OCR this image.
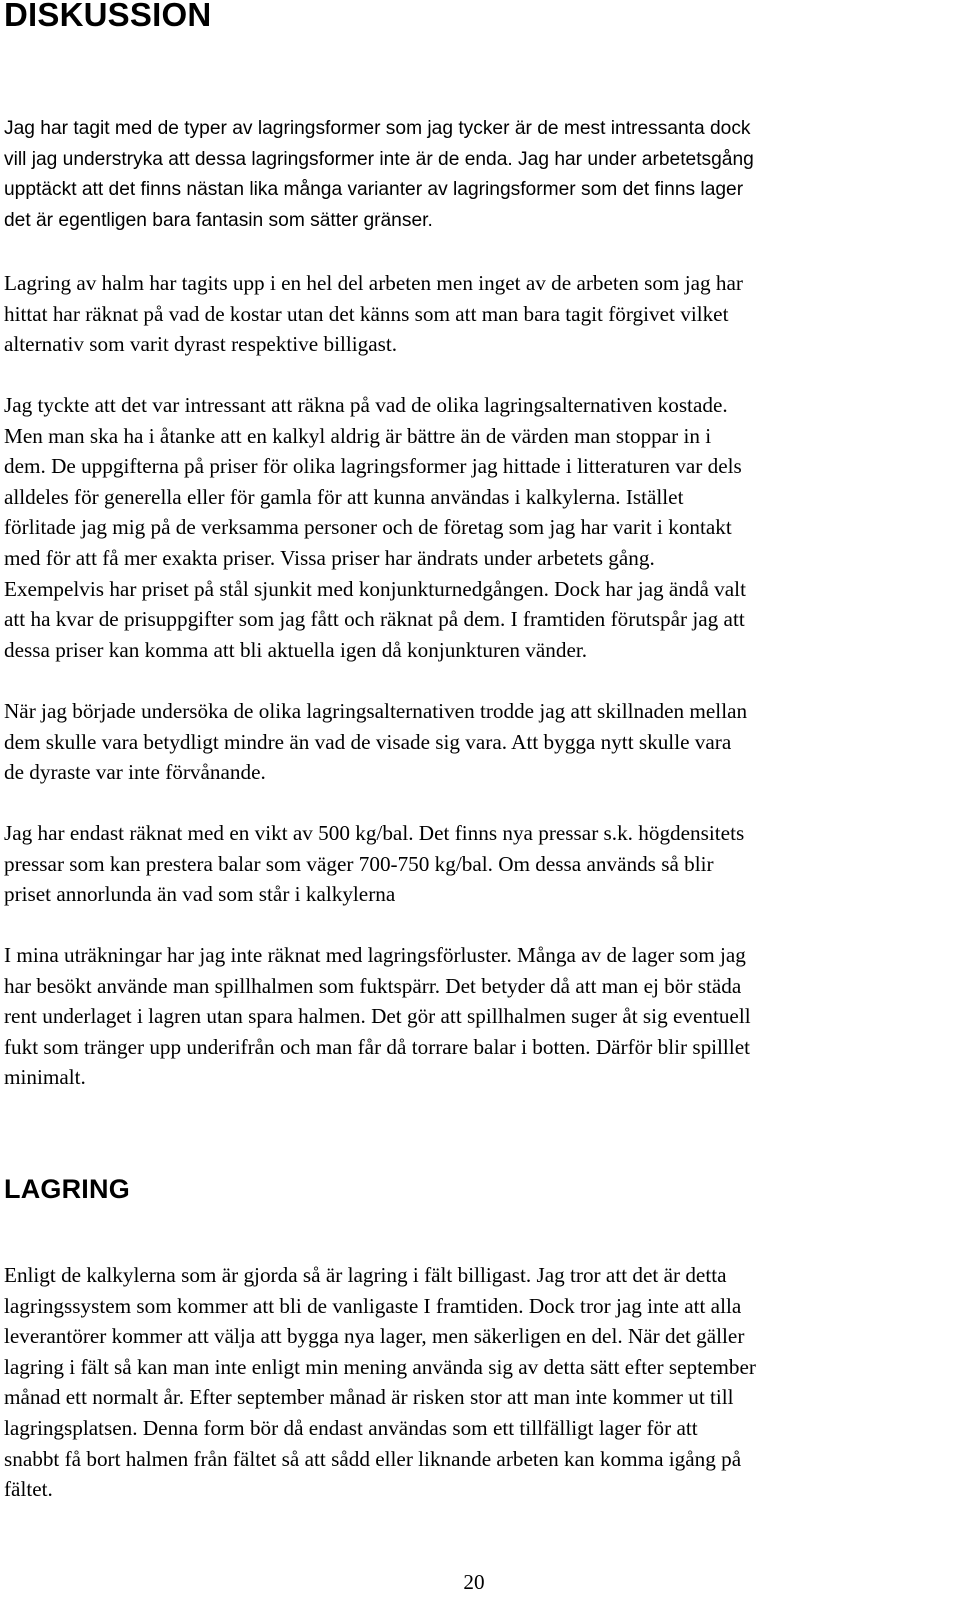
DISKUSSION

Jag har tagit med de typer av lagringsformer som jag tycker är de mest intressanta dock
vill jag understryka att dessa lagringsformer inte är de enda. Jag har under arbetetsgång
upptäckt att det finns nästan lika många varianter av lagringsformer som det finns lager
det är egentligen bara fantasin som sätter gränser.

Lagring av halm har tagits upp i en hel del arbeten men inget av de arbeten som jag har
hittat har räknat på vad de kostar utan det känns som att man bara tagit förgivet vilket
alternativ som varit dyrast respektive billigast.

Jag tyckte att det var intressant att räkna på vad de olika lagringsalternativen kostade.
Men man ska ha i åtanke att en kalkyl aldrig är bättre än de värden man stoppar in i
dem. De uppgifterna på priser för olika lagringsformer jag hittade i litteraturen var dels
alldeles för generella eller för gamla för att kunna användas i kalkylerna. Istället
förlitade jag mig på de verksamma personer och de företag som jag har varit i kontakt
med för att få mer exakta priser. Vissa priser har ändrats under arbetets gång.
Exempelvis har priset på stål sjunkit med konjunkturnedgången. Dock har jag ändå valt
att ha kvar de prisuppgifter som jag fått och räknat på dem. I framtiden förutspår jag att
dessa priser kan komma att bli aktuella igen då konjunkturen vänder.

När jag började undersöka de olika lagringsalternativen trodde jag att skillnaden mellan
dem skulle vara betydligt mindre än vad de visade sig vara. Att bygga nytt skulle vara
de dyraste var inte förvånande.

Jag har endast räknat med en vikt av 500 kg/bal. Det finns nya pressar s.k. högdensitets
pressar som kan prestera balar som väger 700-750 kg/bal. Om dessa används så blir
priset annorlunda än vad som står i kalkylerna

I mina uträkningar har jag inte räknat med lagringsförluster. Många av de lager som jag
har besökt använde man spillhalmen som fuktspärr. Det betyder då att man ej bör städa
rent underlaget i lagren utan spara halmen. Det gör att spillhalmen suger åt sig eventuell
fukt som tränger upp underifrån och man får då torrare balar i botten. Därför blir spilllet
minimalt.

LAGRING

Enligt de kalkylerna som är gjorda så är lagring i fält billigast. Jag tror att det är detta
lagringssystem som kommer att bli de vanligaste I framtiden. Dock tror jag inte att alla
leverantörer kommer att välja att bygga nya lager, men säkerligen en del. När det gäller
lagring i fält så kan man inte enligt min mening använda sig av detta sätt efter september
månad ett normalt år. Efter september månad är risken stor att man inte kommer ut till
lagringsplatsen. Denna form bör då endast användas som ett tillfälligt lager för att
snabbt få bort halmen från fältet så att sådd eller liknande arbeten kan komma igång på
fältet.

20
